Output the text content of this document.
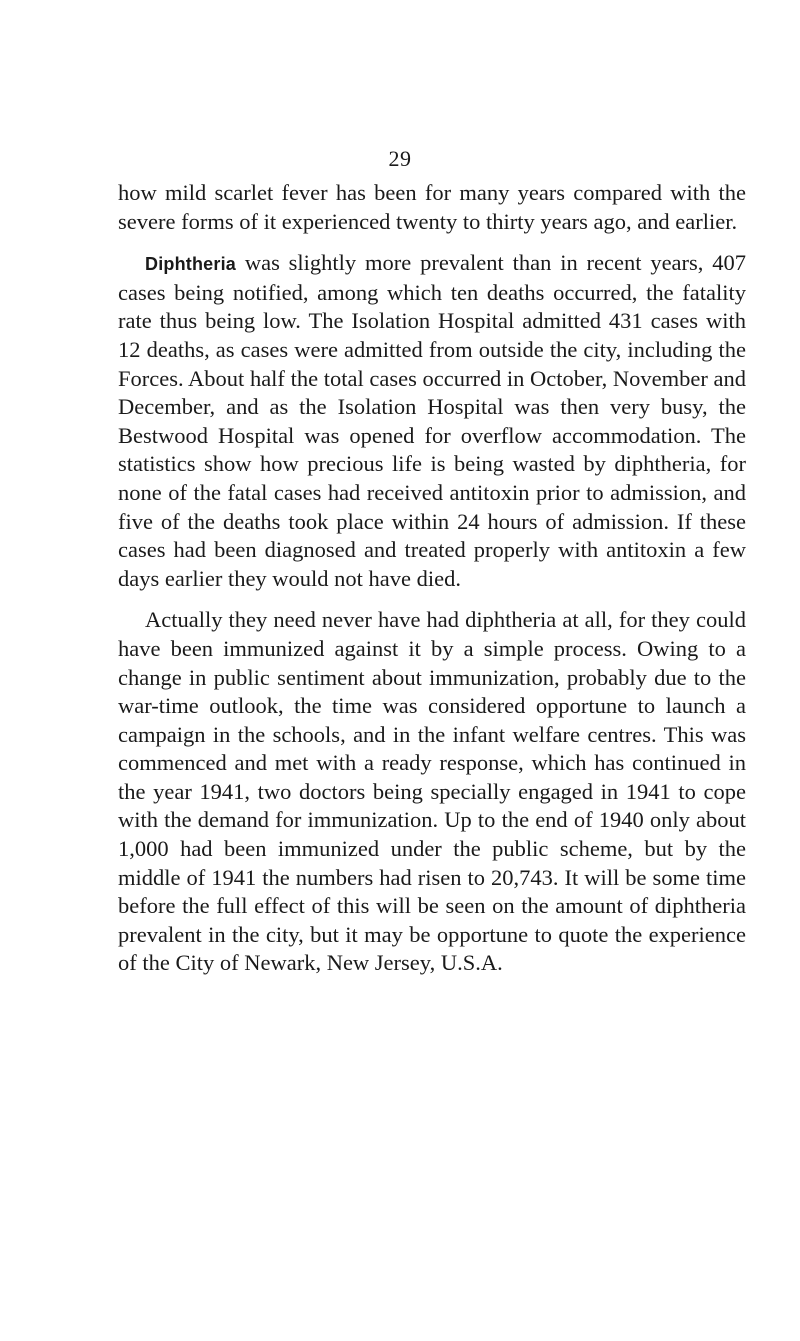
29

how mild scarlet fever has been for many years compared with the severe forms of it experienced twenty to thirty years ago, and earlier.

Diphtheria was slightly more prevalent than in recent years, 407 cases being notified, among which ten deaths occurred, the fatality rate thus being low. The Isolation Hospital admitted 431 cases with 12 deaths, as cases were admitted from outside the city, including the Forces. About half the total cases occurred in October, November and December, and as the Isolation Hospital was then very busy, the Bestwood Hospital was opened for overflow accommodation. The statistics show how precious life is being wasted by diphtheria, for none of the fatal cases had received antitoxin prior to admission, and five of the deaths took place within 24 hours of admission. If these cases had been diagnosed and treated properly with antitoxin a few days earlier they would not have died.

Actually they need never have had diphtheria at all, for they could have been immunized against it by a simple process. Owing to a change in public sentiment about immunization, probably due to the war-time outlook, the time was considered opportune to launch a campaign in the schools, and in the infant welfare centres. This was commenced and met with a ready response, which has continued in the year 1941, two doctors being specially engaged in 1941 to cope with the demand for immunization. Up to the end of 1940 only about 1,000 had been immunized under the public scheme, but by the middle of 1941 the numbers had risen to 20,743. It will be some time before the full effect of this will be seen on the amount of diphtheria prevalent in the city, but it may be opportune to quote the experience of the City of Newark, New Jersey, U.S.A.
